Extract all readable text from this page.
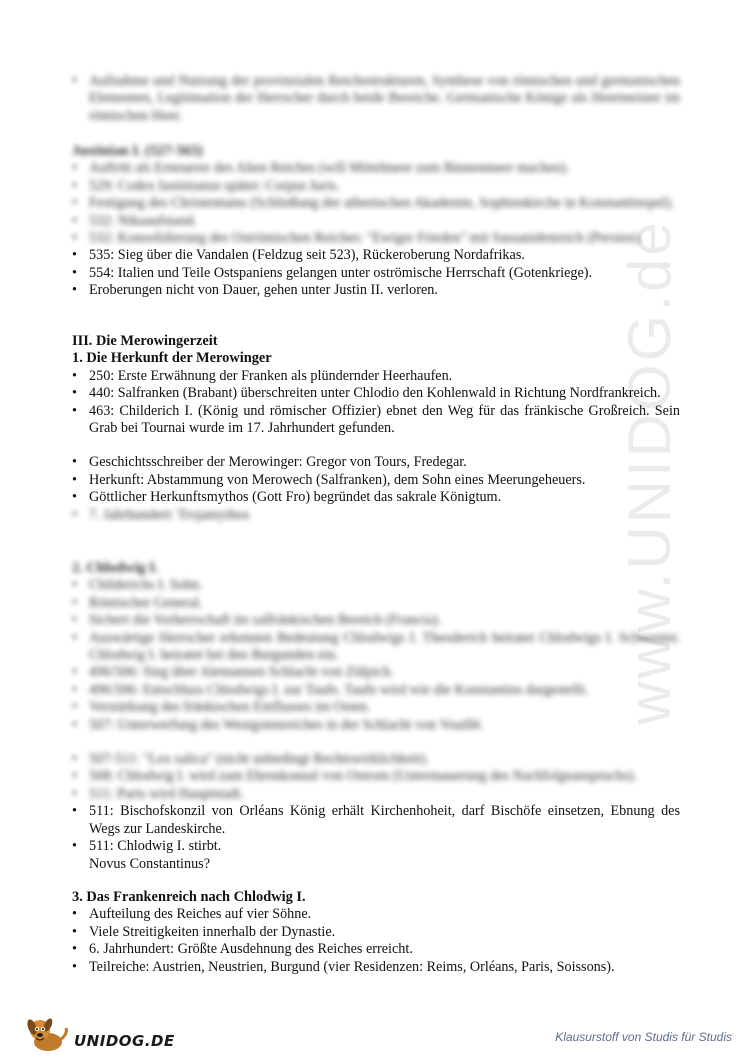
www.UNIDOG.de
• Aufnahme und Nutzung der provinzialen Reichsstrukturen, Synthese von römischen und germanischen Elementen, Legitimation der Herrscher durch beide Bereiche. Germanische Könige als Heermeister im römischen Heer.
Justinian I. (527-565)
• Auftritt als Erneuerer des Alten Reiches (will Mittelmeer zum Binnenmeer machen).
• 529: Codex Iustinianus später: Corpus Iuris.
• Festigung des Christentums (Schließung der athenischen Akademie, Sophienkirche in Konstantinopel).
• 532: Nikaaufstand.
• 532: Konsolidierung des Oströmischen Reiches: "Ewiger Frieden" mit Sassanidenreich (Persien).
• 535: Sieg über die Vandalen (Feldzug seit 523), Rückeroberung Nordafrikas.
• 554: Italien und Teile Ostspaniens gelangen unter oströmische Herrschaft (Gotenkriege).
• Eroberungen nicht von Dauer, gehen unter Justin II. verloren.
III. Die Merowingerzeit
1. Die Herkunft der Merowinger
• 250: Erste Erwähnung der Franken als plündernder Heerhaufen.
• 440: Salfranken (Brabant) überschreiten unter Chlodio den Kohlenwald in Richtung Nordfrankreich.
• 463: Childerich I. (König und römischer Offizier) ebnet den Weg für das fränkische Großreich. Sein Grab bei Tournai wurde im 17. Jahrhundert gefunden.
• Geschichtsschreiber der Merowinger: Gregor von Tours, Fredegar.
• Herkunft: Abstammung von Merowech (Salfranken), dem Sohn eines Meerungeheuers.
• Göttlicher Herkunftsmythos (Gott Fro) begründet das sakrale Königtum.
• 7. Jahrhundert: Trojamythos
2. Chlodwig I.
• Childerichs I. Sohn.
• Römischer General.
• Sichert die Vorherrschaft im salfränkischen Bereich (Francia).
• Auswärtige Herrscher erkennen Bedeutung Chlodwigs I. Theoderich heiratet Chlodwigs I. Schwester. Chlodwig I. heiratet bei den Burgunden ein.
• 496/506: Sieg über Alemannen Schlacht von Zülpich.
• 496/506: Entschluss Chlodwigs I. zur Taufe. Taufe wird wie die Konstantins dargestellt.
• Verstärkung des fränkischen Einflusses im Osten.
• 507: Unterwerfung des Westgotenreiches in der Schlacht von Vouillé.
• 507-511: "Lex salica" (nicht unbedingt Rechtswirklichkeit).
• 508: Chlodwig I. wird zum Ehrenkonsul von Ostrom (Untermauerung des Nachfolgeanspruchs).
• 511: Paris wird Hauptstadt.
• 511: Bischofskonzil von Orléans König erhält Kirchenhoheit, darf Bischöfe einsetzen, Ebnung des Wegs zur Landeskirche.
• 511: Chlodwig I. stirbt.
Novus Constantinus?
3. Das Frankenreich nach Chlodwig I.
• Aufteilung des Reiches auf vier Söhne.
• Viele Streitigkeiten innerhalb der Dynastie.
• 6. Jahrhundert: Größte Ausdehnung des Reiches erreicht.
• Teilreiche: Austrien, Neustrien, Burgund (vier Residenzen: Reims, Orléans, Paris, Soissons).
UNIDOG.DE	Klausurstoff von Studis für Studis
